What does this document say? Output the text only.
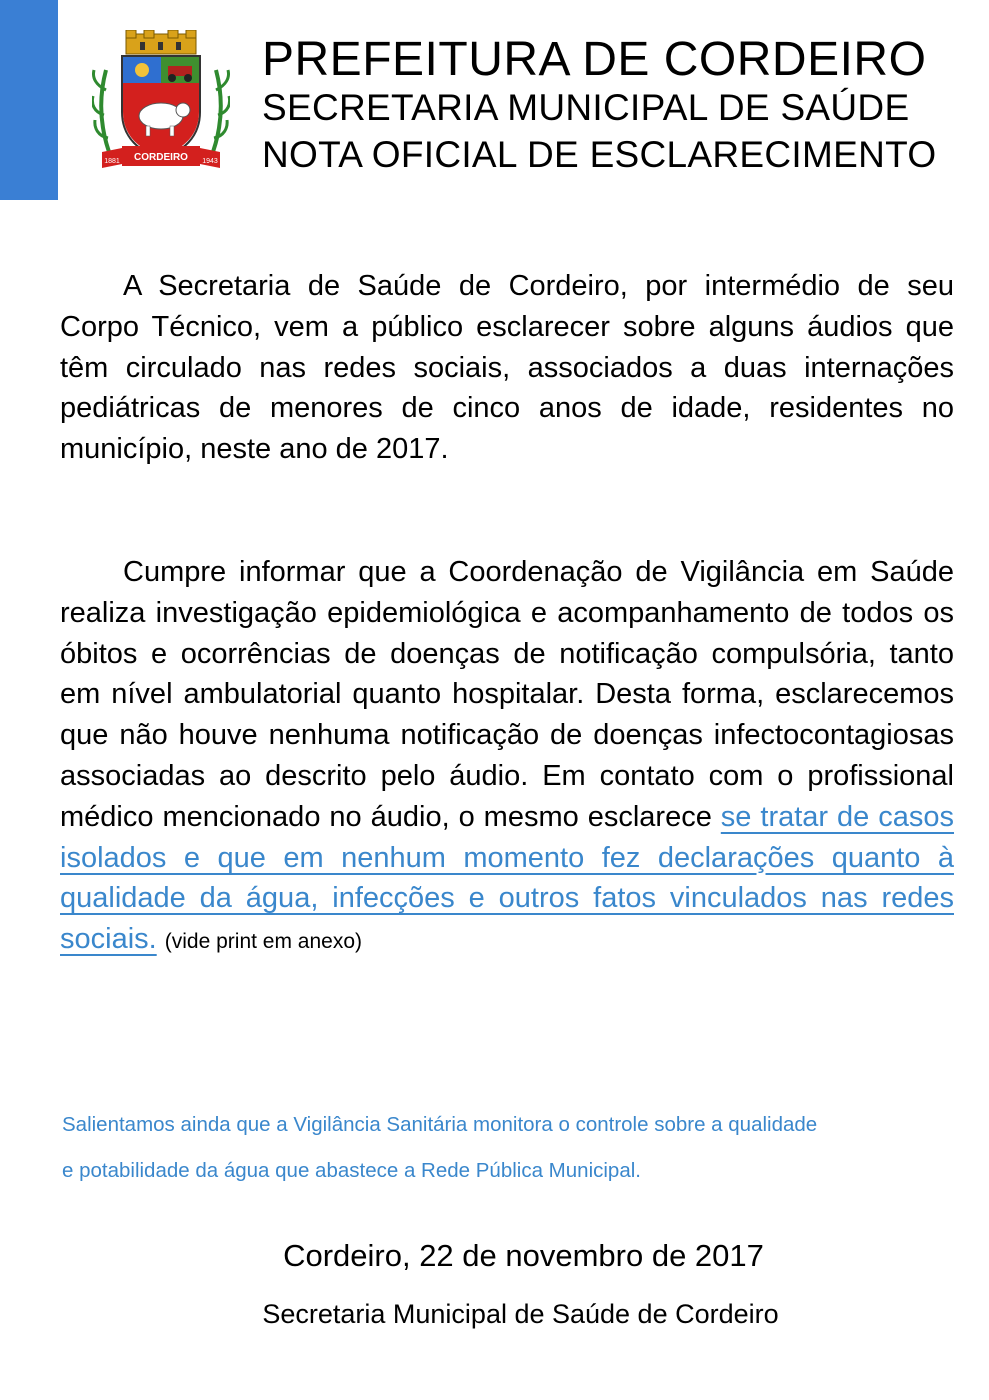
CORDEIRO
1881	1943
PREFEITURA DE CORDEIRO
SECRETARIA MUNICIPAL DE SAÚDE
NOTA OFICIAL DE ESCLARECIMENTO

A Secretaria de Saúde de Cordeiro, por intermédio de seu Corpo Técnico, vem a público esclarecer sobre alguns áudios que têm circulado nas redes sociais, associados a duas internações pediátricas de menores de cinco anos de idade, residentes no município, neste ano de 2017.

Cumpre informar que a Coordenação de Vigilância em Saúde realiza investigação epidemiológica e acompanhamento de todos os óbitos e ocorrências de doenças de notificação compulsória, tanto em nível ambulatorial quanto hospitalar. Desta forma, esclarecemos que não houve nenhuma notificação de doenças infectocontagiosas associadas ao descrito pelo áudio. Em contato com o profissional médico mencionado no áudio, o mesmo esclarece se tratar de casos isolados e que em nenhum momento fez declarações quanto à qualidade da água, infecções e outros fatos vinculados nas redes sociais. (vide print em anexo)

Salientamos ainda que a Vigilância Sanitária monitora o controle sobre a qualidade
e potabilidade da água que abastece a Rede Pública Municipal.
Cordeiro, 22 de novembro de 2017
Secretaria Municipal de Saúde de Cordeiro
